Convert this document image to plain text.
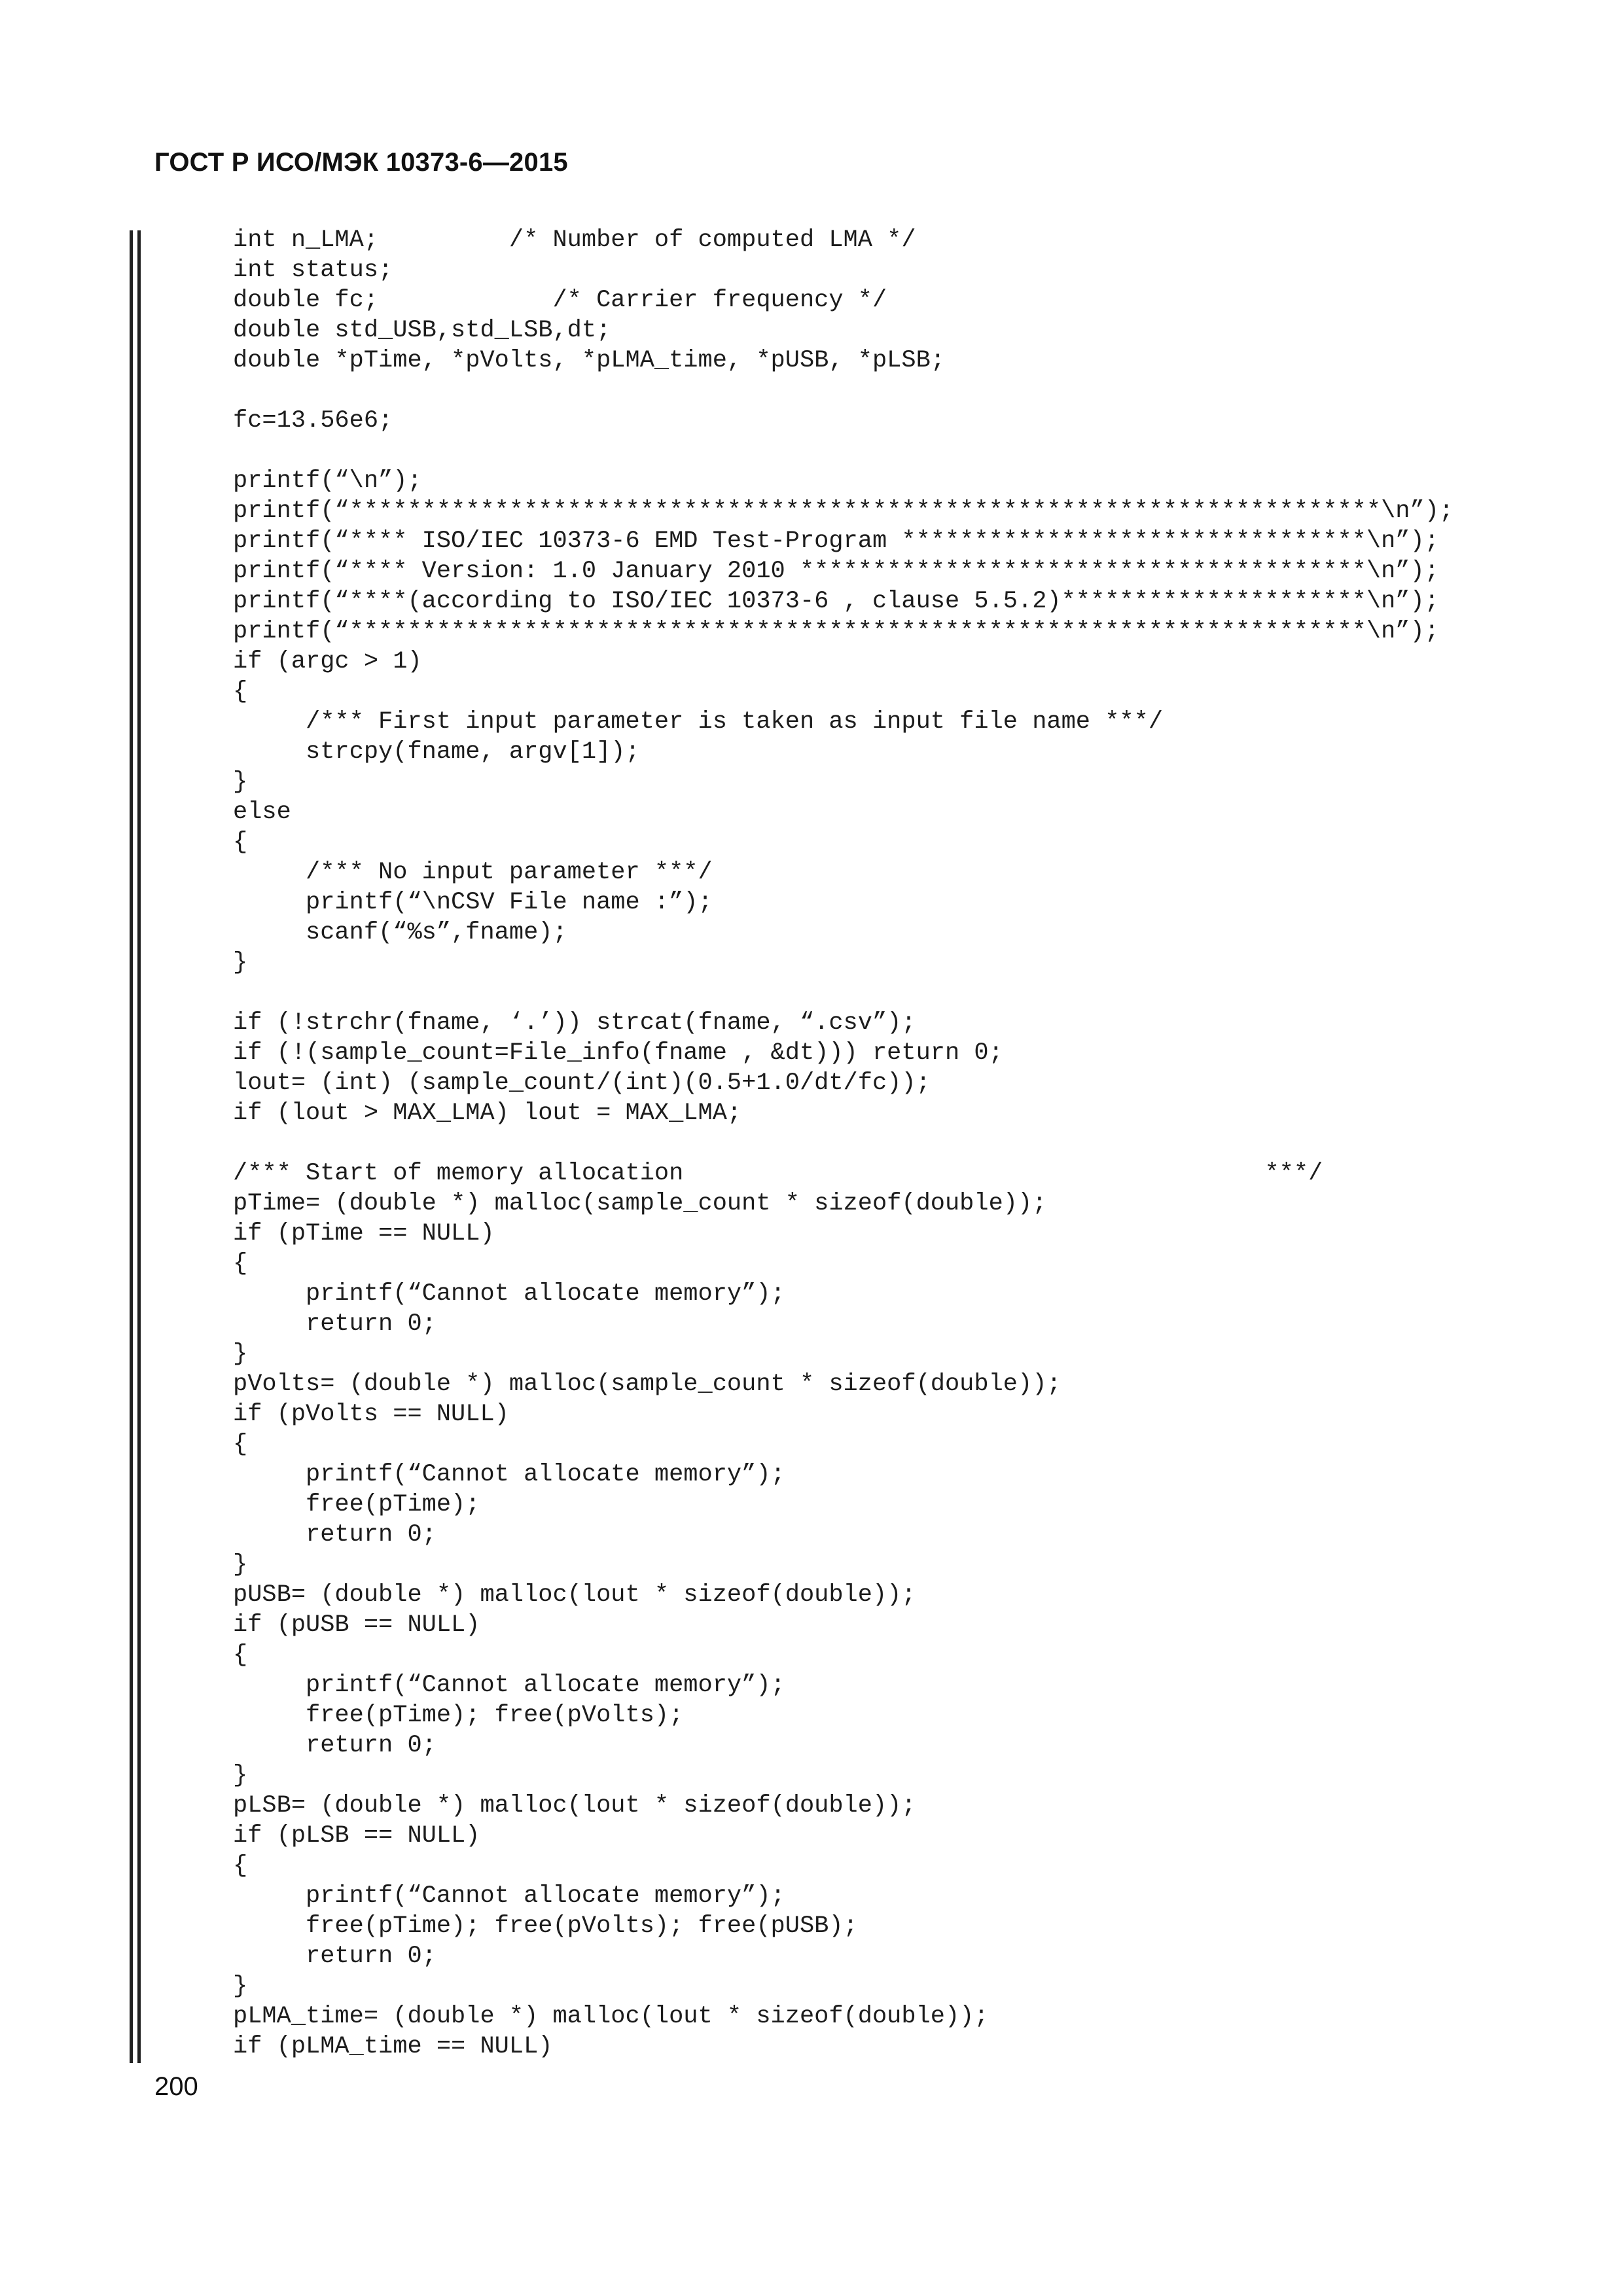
ГОСТ Р ИСО/МЭК 10373-6—2015
int n_LMA;         /* Number of computed LMA */
int status;
double fc;            /* Carrier frequency */
double std_USB,std_LSB,dt;
double *pTime, *pVolts, *pLMA_time, *pUSB, *pLSB;

fc=13.56e6;

printf(“\n”);
printf(“***********************************************************************\n”);
printf(“**** ISO/IEC 10373-6 EMD Test-Program ********************************\n”);
printf(“**** Version: 1.0 January 2010 ***************************************\n”);
printf(“****(according to ISO/IEC 10373-6 , clause 5.5.2)*********************\n”);
printf(“**********************************************************************\n”);
if (argc > 1)
{
/*** First input parameter is taken as input file name ***/
strcpy(fname, argv[1]);
}
else
{
/*** No input parameter ***/
printf(“\nCSV File name :”);
scanf(“%s”,fname);
}

if (!strchr(fname, ‘.’)) strcat(fname, “.csv”);
if (!(sample_count=File_info(fname , &dt))) return 0;
lout= (int) (sample_count/(int)(0.5+1.0/dt/fc));
if (lout > MAX_LMA) lout = MAX_LMA;

/*** Start of memory allocation                                        ***/
pTime= (double *) malloc(sample_count * sizeof(double));
if (pTime == NULL)
{
printf(“Cannot allocate memory”);
return 0;
}
pVolts= (double *) malloc(sample_count * sizeof(double));
if (pVolts == NULL)
{
printf(“Cannot allocate memory”);
free(pTime);
return 0;
}
pUSB= (double *) malloc(lout * sizeof(double));
if (pUSB == NULL)
{
printf(“Cannot allocate memory”);
free(pTime); free(pVolts);
return 0;
}
pLSB= (double *) malloc(lout * sizeof(double));
if (pLSB == NULL)
{
printf(“Cannot allocate memory”);
free(pTime); free(pVolts); free(pUSB);
return 0;
}
pLMA_time= (double *) malloc(lout * sizeof(double));
if (pLMA_time == NULL)
200
